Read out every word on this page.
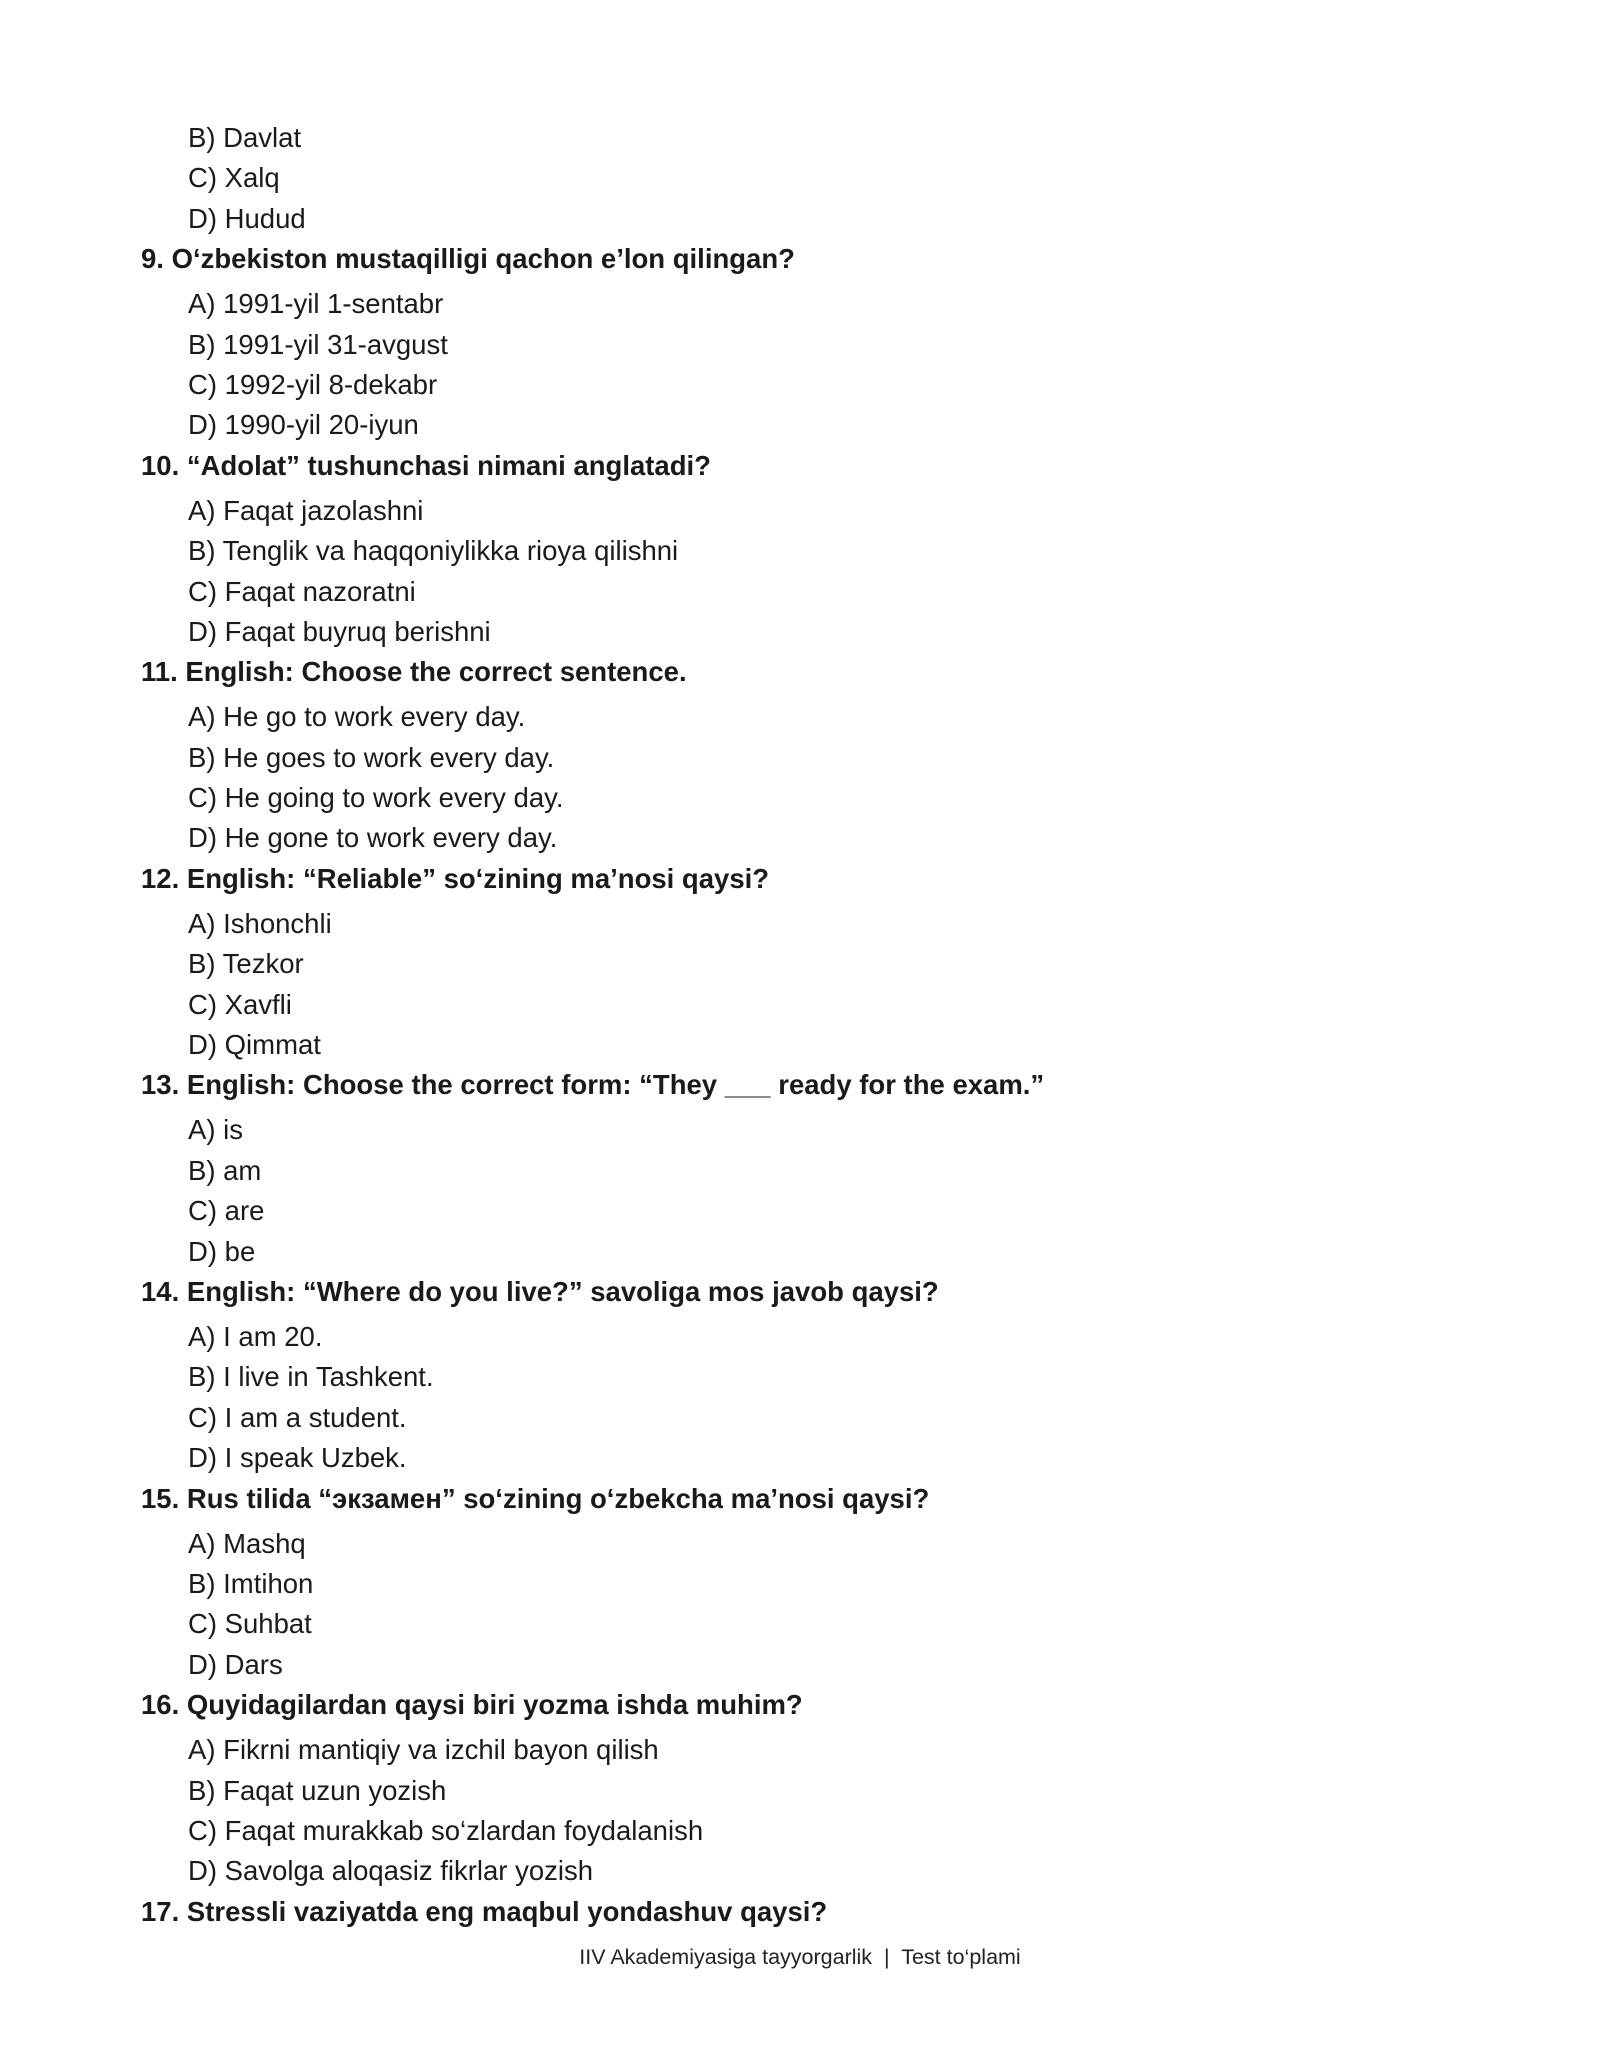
B) Davlat
C) Xalq
D) Hudud
9. O‘zbekiston mustaqilligi qachon e’lon qilingan?
A) 1991-yil 1-sentabr
B) 1991-yil 31-avgust
C) 1992-yil 8-dekabr
D) 1990-yil 20-iyun
10. “Adolat” tushunchasi nimani anglatadi?
A) Faqat jazolashni
B) Tenglik va haqqoniylikka rioya qilishni
C) Faqat nazoratni
D) Faqat buyruq berishni
11. English: Choose the correct sentence.
A) He go to work every day.
B) He goes to work every day.
C) He going to work every day.
D) He gone to work every day.
12. English: “Reliable” so‘zining ma’nosi qaysi?
A) Ishonchli
B) Tezkor
C) Xavfli
D) Qimmat
13. English: Choose the correct form: “They ___ ready for the exam.”
A) is
B) am
C) are
D) be
14. English: “Where do you live?” savoliga mos javob qaysi?
A) I am 20.
B) I live in Tashkent.
C) I am a student.
D) I speak Uzbek.
15. Rus tilida “экзамен” so‘zining o‘zbekcha ma’nosi qaysi?
A) Mashq
B) Imtihon
C) Suhbat
D) Dars
16. Quyidagilardan qaysi biri yozma ishda muhim?
A) Fikrni mantiqiy va izchil bayon qilish
B) Faqat uzun yozish
C) Faqat murakkab so‘zlardan foydalanish
D) Savolga aloqasiz fikrlar yozish
17. Stressli vaziyatda eng maqbul yondashuv qaysi?
IIV Akademiyasiga tayyorgarlik | Test to‘plami
